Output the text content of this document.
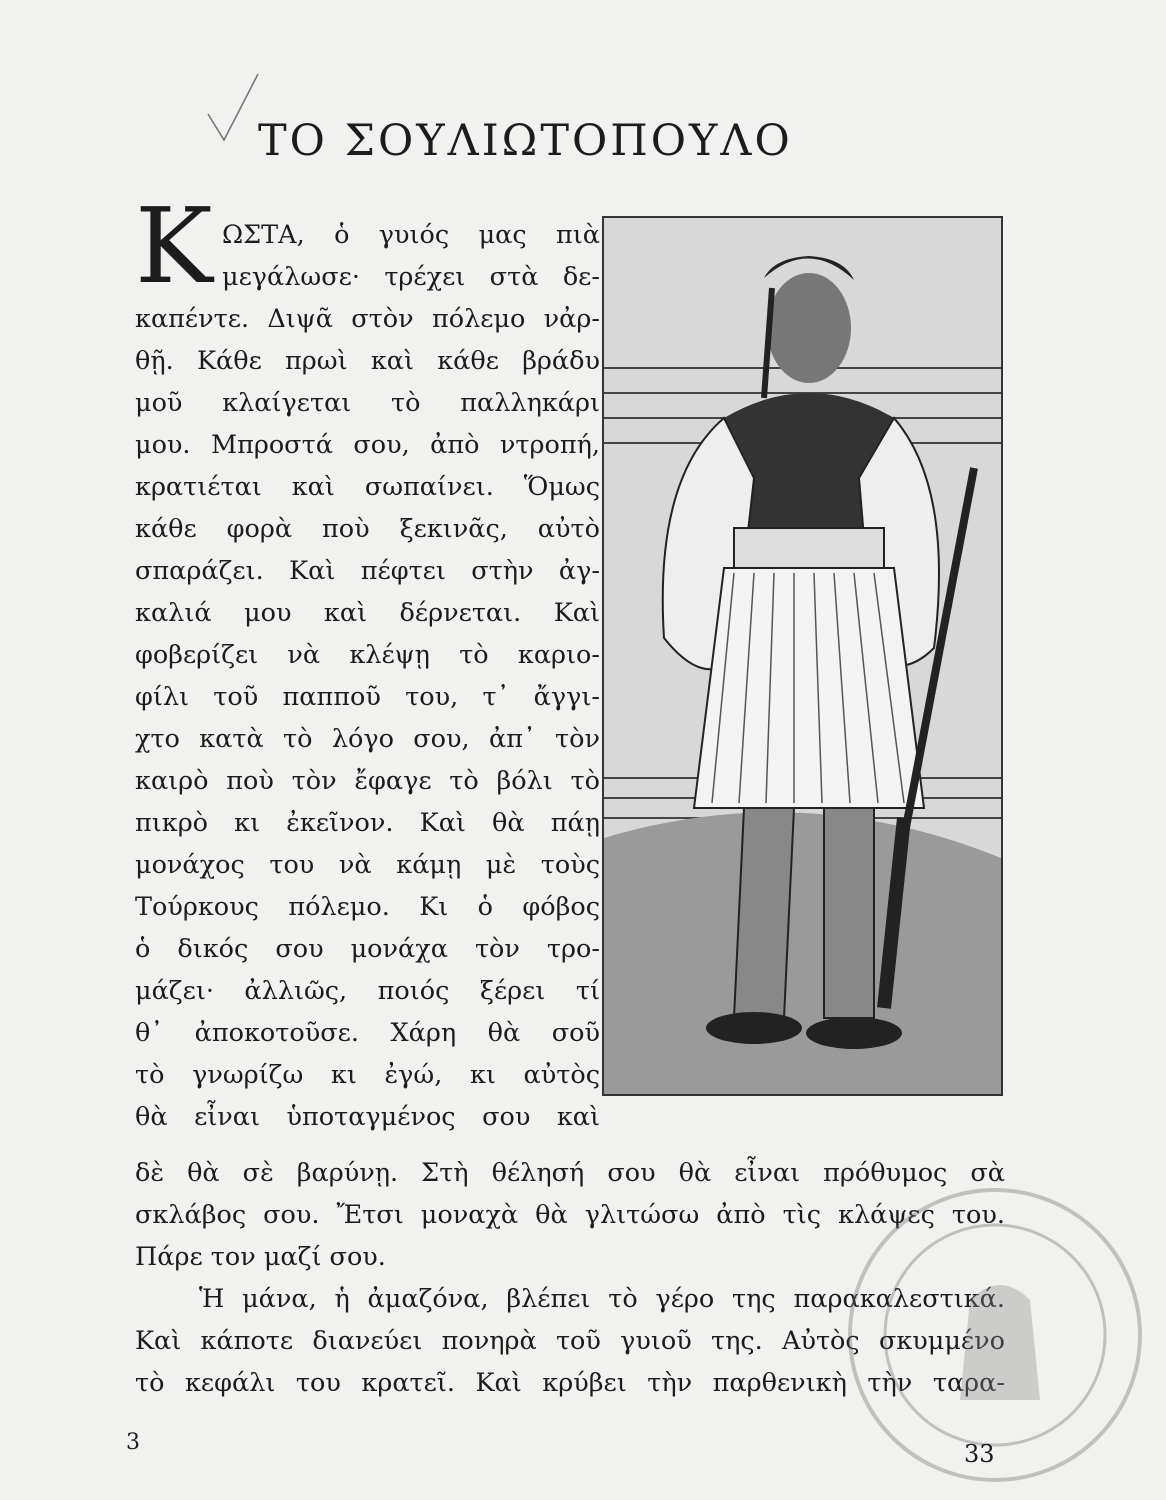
ΤΟ ΣΟΥΛΙΩΤΟΠΟΥΛΟ
Κ ΩΣΤΑ, ὁ γυιός μας πιὰ
μεγάλωσε· τρέχει στὰ δε-
καπέντε. Διψᾶ στὸν πόλεμο νἀρ-
θῇ. Κάθε πρωὶ καὶ κάθε βράδυ
μοῦ κλαίγεται τὸ παλληκάρι
μου. Μπροστά σου, ἀπὸ ντροπή,
κρατιέται καὶ σωπαίνει. Ὅμως
κάθε φορὰ ποὺ ξεκινᾶς, αὐτὸ
σπαράζει. Καὶ πέφτει στὴν ἀγ-
καλιά μου καὶ δέρνεται. Καὶ
φοβερίζει νὰ κλέψῃ τὸ καριο-
φίλι τοῦ παπποῦ του, τ᾽ ἄγγι-
χτο κατὰ τὸ λόγο σου, ἀπ᾽ τὸν
καιρὸ ποὺ τὸν ἔφαγε τὸ βόλι τὸ
πικρὸ κι ἐκεῖνον. Καὶ θὰ πάῃ
μονάχος του νὰ κάμῃ μὲ τοὺς
Τούρκους πόλεμο. Κι ὁ φόβος
ὁ δικός σου μονάχα τὸν τρο-
μάζει· ἀλλιῶς, ποιός ξέρει τί
θ᾽ ἀποκοτοῦσε. Χάρη θὰ σοῦ
τὸ γνωρίζω κι ἐγώ, κι αὐτὸς
θὰ εἶναι ὑποταγμένος σου καὶ
δὲ θὰ σὲ βαρύνῃ. Στὴ θέλησή σου θὰ εἶναι πρόθυμος σὰ
σκλάβος σου. Ἔτσι μοναχὰ θὰ γλιτώσω ἀπὸ τὶς κλάψες του.
Πάρε τον μαζί σου.
Ἡ μάνα, ἡ ἀμαζόνα, βλέπει τὸ γέρο της παρακαλεστικά.
Καὶ κάποτε διανεύει πονηρὰ τοῦ γυιοῦ της. Αὐτὸς σκυμμένο
τὸ κεφάλι του κρατεῖ. Καὶ κρύβει τὴν παρθενικὴ τὴν ταρα-
3	33
